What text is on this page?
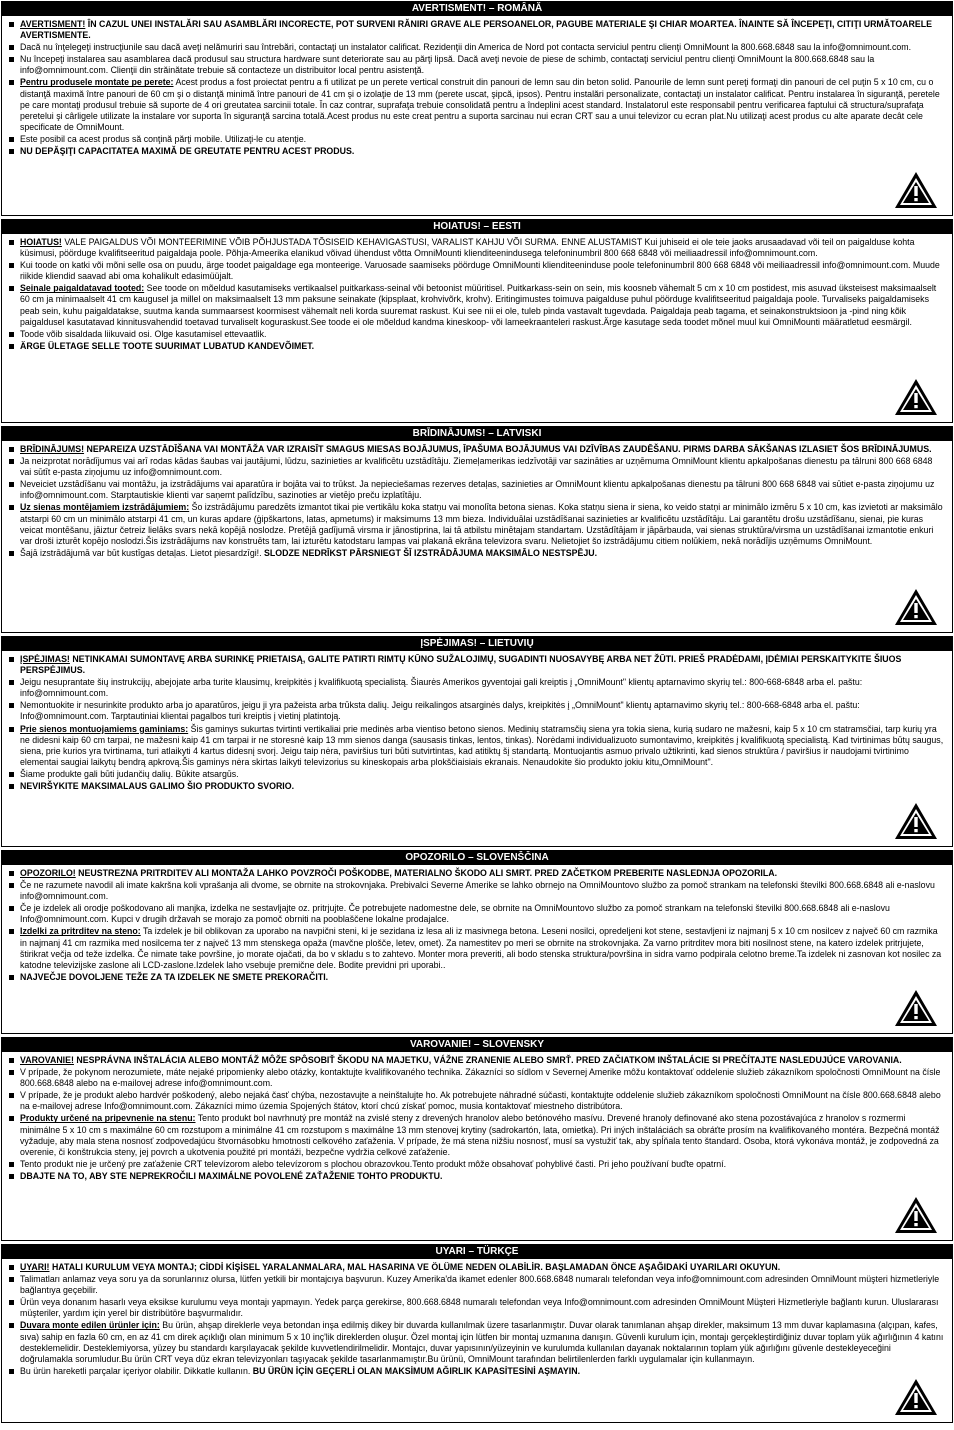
AVERTISMENT! – ROMÂNĂ
AVERTISMENT! ÎN CAZUL UNEI INSTALĂRI SAU ASAMBLĂRI INCORECTE, POT SURVENI RĂNIRI GRAVE ALE PERSOANELOR, PAGUBE MATERIALE ŞI CHIAR MOARTEA. ÎNAINTE SĂ ÎNCEPEŢI, CITIŢI URMĂTOARELE AVERTISMENTE.
Dacă nu înţelegeţi instrucţiunile sau dacă aveţi nelămuriri sau întrebări, contactaţi un instalator calificat. Rezidenţii din America de Nord pot contacta serviciul pentru clienţi OmniMount la 800.668.6848 sau la info@omnimount.com.
Nu începeţi instalarea sau asamblarea dacă produsul sau structura hardware sunt deteriorate sau au părţi lipsă. Dacă aveţi nevoie de piese de schimb, contactaţi serviciul pentru clienţi OmniMount la 800.668.6848 sau la info@omnimount.com. Clienţii din străinătate trebuie să contacteze un distribuitor local pentru asistenţă.
Pentru produsele montate pe perete: Acest produs a fost proiectat pentru a fi utilizat pe un perete vertical construit din panouri de lemn sau din beton solid. Panourile de lemn sunt pereţi formaţi din panouri de cel puţin 5 x 10 cm, cu o distanţă maximă între panouri de 60 cm şi o distanţă minimă între panouri de 41 cm şi o izolaţie de 13 mm (perete uscat, şipcă, ipsos). Pentru instalări personalizate, contactaţi un instalator calificat. Pentru instalarea în siguranţă, peretele pe care montaţi produsul trebuie să suporte de 4 ori greutatea sarcinii totale. În caz contrar, suprafaţa trebuie consolidată pentru a îndeplini acest standard. Instalatorul este responsabil pentru verificarea faptului că structura/suprafaţa peretelui şi cârligele utilizate la instalare vor suporta în siguranţă sarcina totală.Acest produs nu este creat pentru a suporta sarcinau nui ecran CRT sau a unui televizor cu ecran plat.Nu utilizaţi acest produs cu alte aparate decât cele specificate de OmniMount.
Este posibil ca acest produs să conţină părţi mobile. Utilizaţi-le cu atenţie.
NU DEPĂŞIŢI CAPACITATEA MAXIMĂ DE GREUTATE PENTRU ACEST PRODUS.
HOIATUS! – EESTI
HOIATUS! VALE PAIGALDUS VÕI MONTEERIMINE VÕIB PÕHJUSTADA TÕSISEID KEHAVIGASTUSI, VARALIST KAHJU VÕI SURMA. ENNE ALUSTAMIST Kui juhiseid ei ole teie jaoks arusaadavad või teil on paigalduse kohta küsimusi, pöörduge kvalifitseeritud paigaldaja poole. Põhja-Ameerika elanikud võivad ühendust võtta OmniMounti klienditeenindusega telefoninumbril 800 668 6848 või meiliaadressil info@omnimount.com.
Kui toode on katki või mõni selle osa on puudu, ärge toodet paigaldage ega monteerige. Varuosade saamiseks pöörduge OmniMounti klienditeeninduse poole telefoninumbril 800 668 6848 või meiliaadressil info@omnimount.com. Muude riikide kliendid saavad abi oma kohalikult edasimüüjalt.
Seinale paigaldatavad tooted: See toode on mõeldud kasutamiseks vertikaalsel puitkarkass-seinal või betoonist müüritisel. Puitkarkass-sein on sein, mis koosneb vähemalt 5 cm x 10 cm postidest, mis asuvad üksteisest maksimaalselt 60 cm ja minimaalselt 41 cm kaugusel ja millel on maksimaalselt 13 mm paksune seinakate (kipsplaat, krohvivõrk, krohv). Eritingimustes toimuva paigalduse puhul pöörduge kvalifitseeritud paigaldaja poole. Turvaliseks paigaldamiseks peab sein, kuhu paigaldatakse, suutma kanda summaarsest koormisest vähemalt neli korda suuremat raskust. Kui see nii ei ole, tuleb pinda vastavalt tugevdada. Paigaldaja peab tagama, et seinakonstruktsioon ja -pind ning kõik paigaldusel kasutatavad kinnitusvahendid toetavad turvaliselt koguraskust.See toode ei ole mõeldud kandma kineskoop- või lameekraanteleri raskust.Ärge kasutage seda toodet mõnel muul kui OmniMounti määratletud eesmärgil.
Toode võib sisaldada liikuvaid osi. Olge kasutamisel ettevaatlik.
ÄRGE ÜLETAGE SELLE TOOTE SUURIMAT LUBATUD KANDEVÕIMET.
BRĪDINĀJUMS! – LATVISKI
BRĪDINĀJUMS! NEPAREIZA UZSTĀDĪŠANA VAI MONTĀŽA VAR IZRAISĪT SMAGUS MIESAS BOJĀJUMUS, ĪPAŠUMA BOJĀJUMUS VAI DZĪVĪBAS ZAUDĒŠANU. PIRMS DARBA SĀKŠANAS IZLASIET ŠOS BRĪDINĀJUMUS.
Ja neizprotat norādījumus vai arī rodas kādas šaubas vai jautājumi, lūdzu, sazinieties ar kvalificētu uzstādītāju. Ziemeļamerikas iedzīvotāji var sazināties ar uzņēmuma OmniMount klientu apkalpošanas dienestu pa tālruni 800 668 6848 vai sūtīt e-pasta ziņojumu uz info@omnimount.com.
Neveiciet uzstādīšanu vai montāžu, ja izstrādājums vai aparatūra ir bojāta vai to trūkst. Ja nepieciešamas rezerves detaļas, sazinieties ar OmniMount klientu apkalpošanas dienestu pa tālruni 800 668 6848 vai sūtiet e-pasta ziņojumu uz info@omnimount.com. Starptautiskie klienti var saņemt palīdzību, sazinoties ar vietējo preču izplatītāju.
Uz sienas montējamiem izstrādājumiem: Šo izstrādājumu paredzēts izmantot tikai pie vertikālu koka statņu vai monolīta betona sienas. Koka statņu siena ir siena, ko veido statņi ar minimālo izmēru 5 x 10 cm, kas izvietoti ar maksimālo atstarpi 60 cm un minimālo atstarpi 41 cm, un kuras apdare (ģipškartons, latas, apmetums) ir maksimums 13 mm bieza. Individuālai uzstādīšanai sazinieties ar kvalificētu uzstādītāju. Lai garantētu drošu uzstādīšanu, sienai, pie kuras veicat montēšanu, jāiztur četreiz lielāks svars nekā kopējā noslodze. Pretējā gadījumā virsma ir jānostiprina, lai tā atbilstu minētajam standartam. Uzstādītājam ir jāpārbauda, vai sienas struktūra/virsma un uzstādīšanai izmantotie enkuri var droši izturēt kopējo noslodzi.Šis izstrādājums nav konstruēts tam, lai izturētu katodstaru lampas vai plakanā ekrāna televizora svaru. Nelietojiet šo izstrādājumu citiem nolūkiem, nekā norādījis uzņēmums OmniMount.
Šajā izstrādājumā var būt kustīgas detaļas. Lietot piesardzīgi!. SLODZE NEDRĪKST PĀRSNIEGT ŠĪ IZSTRĀDĀJUMA MAKSIMĀLO NESTSPĒJU.
ĮSPĖJIMAS! – LIETUVIŲ
ĮSPĖJIMAS! NETINKAMAI SUMONTAVĘ ARBA SURINKĘ PRIETAISĄ, GALITE PATIRTI RIMTŲ KŪNO SUŽALOJIMŲ, SUGADINTI NUOSAVYBĘ ARBA NET ŽŪTI. PRIEŠ PRADĖDAMI, ĮDĖMIAI PERSKAITYKITE ŠIUOS PERSPĖJIMUS.
Jeigu nesuprantate šių instrukcijų, abejojate arba turite klausimų, kreipkitės į kvalifikuotą specialistą. Šiaurės Amerikos gyventojai gali kreiptis į „OmniMount" klientų aptarnavimo skyrių tel.: 800-668-6848 arba el. paštu: info@omnimount.com.
Nemontuokite ir nesurinkite produkto arba jo aparatūros, jeigu ji yra pažeista arba trūksta dalių. Jeigu reikalingos atsarginės dalys, kreipkitės į „OmniMount" klientų aptarnavimo skyrių tel.: 800-668-6848 arba el. paštu: Info@omnimount.com. Tarptautiniai klientai pagalbos turi kreiptis į vietinį platintoją.
Prie sienos montuojamiems gaminiams: Šis gaminys sukurtas tvirtinti vertikaliai prie medinės arba vientiso betono sienos. Medinių statramsčių siena yra tokia siena, kurią sudaro ne mažesni, kaip 5 x 10 cm statramsčiai, tarp kurių yra ne didesni kaip 60 cm tarpai, ne mažesni kaip 41 cm tarpai ir ne storesnė kaip 13 mm sienos danga (sausasis tinkas, lentos, tinkas). Norėdami individualizuoto sumontavimo, kreipkitės į kvalifikuotą specialistą. Kad tvirtinimas būtų saugus, siena, prie kurios yra tvirtinama, turi atlaikyti 4 kartus didesnį svorį. Jeigu taip nėra, paviršius turi būti sutvirtintas, kad atitiktų šį standartą. Montuojantis asmuo privalo užtikrinti, kad sienos struktūra / paviršius ir naudojami tvirtinimo elementai saugiai laikytų bendrą apkrovą.Šis gaminys nėra skirtas laikyti televizorius su kineskopais arba plokščiaisiais ekranais. Nenaudokite šio produkto jokiu kitu„OmniMount".
Šiame produkte gali būti judančių dalių. Būkite atsargūs.
NEVIRŠYKITE MAKSIMALAUS GALIMO ŠIO PRODUKTO SVORIO.
OPOZORILO – SLOVENŠČINA
OPOZORILO! NEUSTREZNA PRITRDITEV ALI MONTAŽA LAHKO POVZROČI POŠKODBE, MATERIALNO ŠKODO ALI SMRT. PRED ZAČETKOM PREBERITE NASLEDNJA OPOZORILA.
Če ne razumete navodil ali imate kakršna koli vprašanja ali dvome, se obrnite na strokovnjaka. Prebivalci Severne Amerike se lahko obrnejo na OmniMountovo službo za pomoč strankam na telefonski številki 800.668.6848 ali e-naslovu info@omnimount.com.
Če je izdelek ali orodje poškodovano ali manjka, izdelka ne sestavljajte oz. pritrjujte. Če potrebujete nadomestne dele, se obrnite na OmniMountovo službo za pomoč strankam na telefonski številki 800.668.6848 ali e-naslovu Info@omnimount.com. Kupci v drugih državah se morajo za pomoč obrniti na pooblaščene lokalne prodajalce.
Izdelki za pritrditev na steno: Ta izdelek je bil oblikovan za uporabo na navpični steni, ki je sezidana iz lesa ali iz masivnega betona. Leseni nosilci, opredeljeni kot stene, sestavljeni iz najmanj 5 x 10 cm nosilcev z največ 60 cm razmika in najmanj 41 cm razmika med nosilcema ter z največ 13 mm stenskega opaža (mavčne plošče, letev, omet). Za namestitev po meri se obrnite na strokovnjaka. Za varno pritrditev mora biti nosilnost stene, na katero izdelek pritrjujete, štirikrat večja od teže izdelka. Če nimate take površine, jo morate ojačati, da bo v skladu s to zahtevo. Monter mora preveriti, ali bodo stenska struktura/površina in sidra varno podpirala celotno breme.Ta izdelek ni zasnovan kot nosilec za katodne televizijske zaslone ali LCD-zaslone.Izdelek laho vsebuje premične dele. Bodite previdni pri uporabi..
NAJVEČJE DOVOLJENE TEŽE ZA TA IZDELEK NE SMETE PREKORAČITI.
VAROVANIE! – SLOVENSKY
VAROVANIE! NESPRÁVNA INŠTALÁCIA ALEBO MONTÁŽ MÔŽE SPÔSOBIŤ ŠKODU NA MAJETKU, VÁŽNE ZRANENIE ALEBO SMRŤ. PRED ZAČIATKOM INŠTALÁCIE SI PREČÍTAJTE NASLEDUJÚCE VAROVANIA.
V prípade, že pokynom nerozumiete, máte nejaké pripomienky alebo otázky, kontaktujte kvalifikovaného technika. Zákazníci so sídlom v Severnej Amerike môžu kontaktovať oddelenie služieb zákazníkom spoločnosti OmniMount na čísle 800.668.6848 alebo na e-mailovej adrese info@omnimount.com.
V prípade, že je produkt alebo hardvér poškodený, alebo nejaká časť chýba, nezostavujte a neinštalujte ho. Ak potrebujete náhradné súčasti, kontaktujte oddelenie služieb zákazníkom spoločnosti OmniMount na čísle 800.668.6848 alebo na e-mailovej adrese Info@omnimount.com. Zákazníci mimo územia Spojených štátov, ktorí chcú získať pomoc, musia kontaktovať miestneho distribútora.
Produkty určené na pripevnenie na stenu: Tento produkt bol navrhnutý pre montáž na zvislé steny z drevených hranolov alebo betónového masívu. Drevené hranoly definované ako stena pozostávajúca z hranolov s rozmermi minimálne 5 x 10 cm s maximálne 60 cm rozstupom a minimálne 41 cm rozstupom s maximálne 13 mm stenovej krytiny (sadrokartón, lata, omietka). Pri iných inštaláciách sa obráťte prosím na kvalifikovaného montéra. Bezpečná montáž vyžaduje, aby mala stena nosnosť zodpovedajúcu štvornásobku hmotnosti celkového zaťaženia. V prípade, že má stena nižšiu nosnosť, musí sa vystužiť tak, aby spĺňala tento štandard. Osoba, ktorá vykonáva montáž, je zodpovedná za overenie, či konštrukcia steny, jej povrch a ukotvenia použité pri montáži, bezpečne vydržia celkové zaťaženie.
Tento produkt nie je určený pre zaťaženie CRT televízorom alebo televízorom s plochou obrazovkou.Tento produkt môže obsahovať pohyblivé časti. Pri jeho používaní buďte opatrní.
DBAJTE NA TO, ABY STE NEPREKROČILI MAXIMÁLNE POVOLENÉ ZAŤAŽENIE TOHTO PRODUKTU.
UYARI – TÜRKÇE
UYARI! HATALI KURULUM VEYA MONTAJ; CİDDİ KİŞİSEL YARALANMALARA, MAL HASARINA VE ÖLÜME NEDEN OLABİLİR. BAŞLAMADAN ÖNCE AŞAĞIDAKİ UYARILARI OKUYUN.
Talimatları anlamaz veya soru ya da sorunlarınız olursa, lütfen yetkili bir montajcıya başvurun. Kuzey Amerika'da ikamet edenler 800.668.6848 numaralı telefondan veya info@omnimount.com adresinden OmniMount müşteri hizmetleriyle bağlantıya geçebilir.
Ürün veya donanım hasarlı veya eksikse kurulumu veya montajı yapmayın. Yedek parça gerekirse, 800.668.6848 numaralı telefondan veya Info@omnimount.com adresinden OmniMount Müşteri Hizmetleriyle bağlantı kurun. Uluslararası müşteriler, yardım için yerel bir distribütöre başvurmalıdır.
Duvara monte edilen ürünler için: Bu ürün, ahşap direklerle veya betondan inşa edilmiş dikey bir duvarda kullanılmak üzere tasarlanmıştır. Duvar olarak tanımlanan ahşap direkler, maksimum 13 mm duvar kaplamasına (alçıpan, kafes, sıva) sahip en fazla 60 cm, en az 41 cm direk açıklığı olan minimum 5 x 10 inç'lik direklerden oluşur. Özel montaj için lütfen bir montaj uzmanına danışın. Güvenli kurulum için, montajı gerçekleştirdiğiniz duvar toplam yük ağırlığının 4 katını desteklemelidir. Desteklemiyorsa, yüzey bu standardı karşılayacak şekilde kuvvetlendirilmelidir. Montajcı, duvar yapısının/yüzeyinin ve kurulumda kullanılan dayanak noktalarının toplam yük ağırlığını güvenle destekleyeceğini doğrulamakla sorumludur.Bu ürün CRT veya düz ekran televizyonları taşıyacak şekilde tasarlanmamıştır.Bu ürünü, OmniMount tarafından belirtilenlerden farklı uygulamalar için kullanmayın.
Bu ürün hareketli parçalar içeriyor olabilir. Dikkatle kullanın. BU ÜRÜN İÇİN GEÇERLİ OLAN MAKSİMUM AĞIRLIK KAPASİTESİNİ AŞMAYIN.
